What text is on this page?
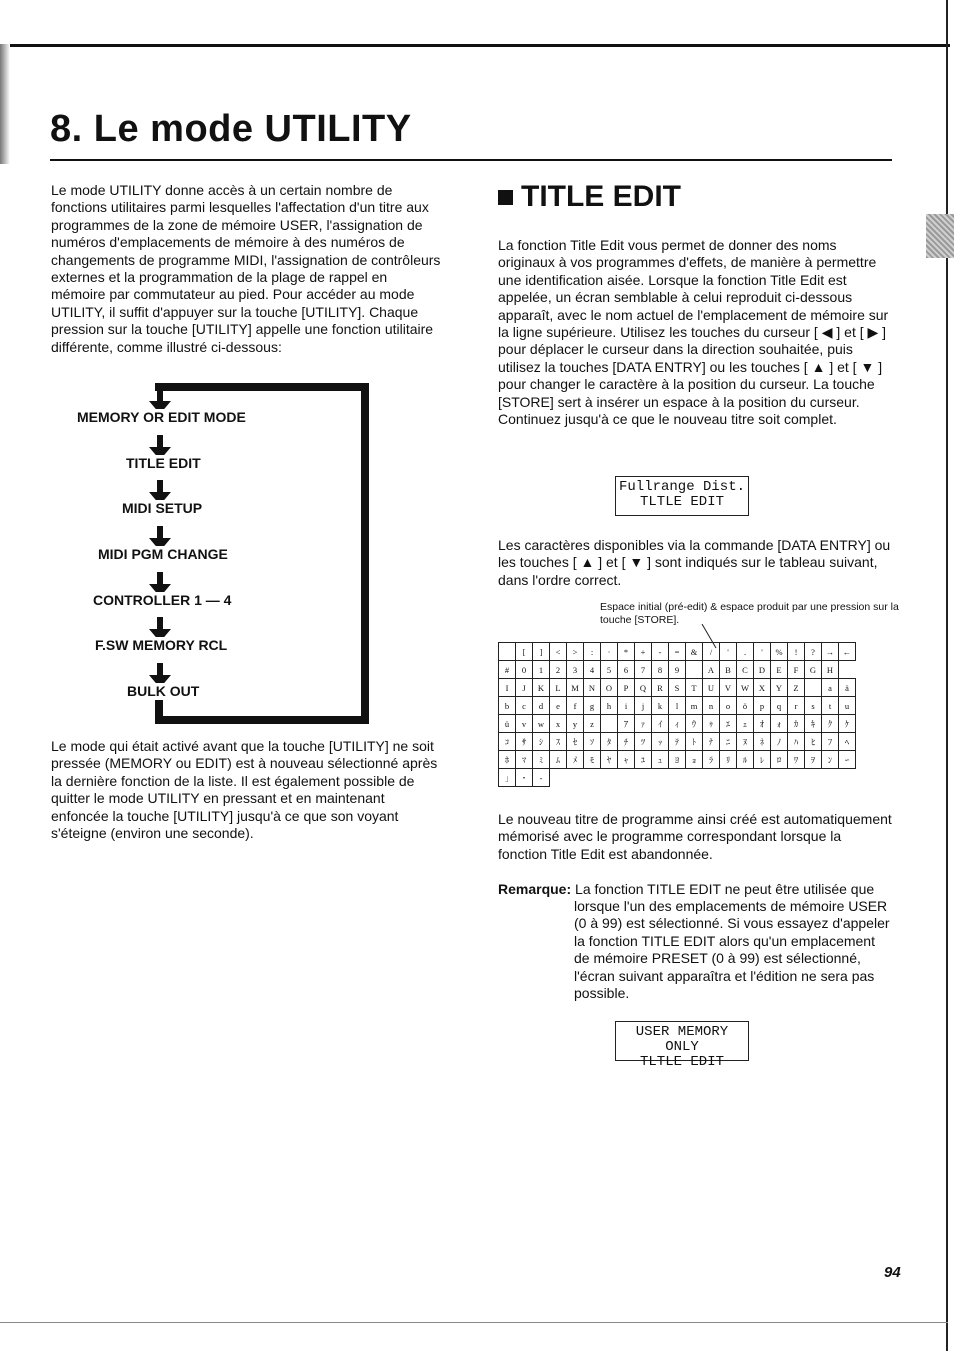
8. Le mode UTILITY
Le mode UTILITY donne accès à un certain nombre de fonctions utilitaires parmi lesquelles l'affectation d'un titre aux programmes de la zone de mémoire USER, l'assignation de numéros d'emplacements de mémoire à des numéros de changements de programme MIDI, l'assignation de contrôleurs externes et la programmation de la plage de rappel en mémoire par commutateur au pied. Pour accéder au mode UTILITY, il suffit d'appuyer sur la touche [UTILITY]. Chaque pression sur la touche [UTILITY] appelle une fonction utilitaire différente, comme illustré ci-dessous:
MEMORY OR EDIT MODE
TITLE EDIT
MIDI SETUP
MIDI PGM CHANGE
CONTROLLER 1 — 4
F.SW MEMORY RCL
BULK OUT
Le mode qui était activé avant que la touche [UTILITY] ne soit pressée (MEMORY ou EDIT) est à nouveau sélectionné après la dernière fonction de la liste. Il est également possible de quitter le mode UTILITY en pressant et en maintenant enfoncée la touche [UTILITY] jusqu'à ce que son voyant s'éteigne (environ une seconde).
TITLE EDIT
La fonction Title Edit vous permet de donner des noms originaux à vos programmes d'effets, de manière à permettre une identification aisée. Lorsque la fonction Title Edit est appelée, un écran semblable à celui reproduit ci-dessous apparaît, avec le nom actuel de l'emplacement de mémoire sur la ligne supérieure. Utilisez les touches du curseur [ ◀ ] et [ ▶ ] pour déplacer le curseur dans la direction souhaitée, puis utilisez la touches [DATA ENTRY] ou les touches [ ▲ ] et [ ▼ ] pour changer le caractère à la position du curseur. La touche [STORE] sert à insérer un espace à la position du curseur. Continuez jusqu'à ce que le nouveau titre soit complet.
Fullrange Dist.
TLTLE EDIT
Les caractères disponibles via la commande [DATA ENTRY] ou les touches [ ▲ ] et [ ▼ ] sont indiqués sur le tableau suivant, dans l'ordre correct.
Espace initial (pré-edit) & espace produit par une pression sur la touche [STORE].
	[	]	<	>	:	·	*	+	-	=	&	/	'	.	'	%	!	?	→	←
#	0	1	2	3	4	5	6	7	8	9		A	B	C	D	E	F	G	H	
I	J	K	L	M	N	O	P	Q	R	S	T	U	V	W	X	Y	Z		a	ä
b	c	d	e	f	g	h	i	j	k	l	m	n	o	ö	p	q	r	s	t	u
ü	v	w	x	y	z		ｱ	ｧ	ｲ	ｨ	ｳ	ｩ	ｴ	ｪ	ｵ	ｫ	ｶ	ｷ	ｸ	ｹ
ｺ	ｻ	ｼ	ｽ	ｾ	ｿ	ﾀ	ﾁ	ﾂ	ｯ	ﾃ	ﾄ	ﾅ	ﾆ	ﾇ	ﾈ	ﾉ	ﾊ	ﾋ	ﾌ	ﾍ
ﾎ	ﾏ	ﾐ	ﾑ	ﾒ	ﾓ	ﾔ	ｬ	ﾕ	ｭ	ﾖ	ｮ	ﾗ	ﾘ	ﾙ	ﾚ	ﾛ	ﾜ	ｦ	ﾝ	ｰ
｣	･	-																		
Le nouveau titre de programme ainsi créé est automatiquement mémorisé avec le programme correspondant lorsque la fonction Title Edit est abandonnée.
Remarque: La fonction TITLE EDIT ne peut être utilisée que
lorsque l'un des emplacements de mémoire USER (0 à 99) est sélectionné. Si vous essayez d'appeler la fonction TITLE EDIT alors qu'un emplacement de mémoire PRESET (0 à 99) est sélectionné, l'écran suivant apparaîtra et l'édition ne sera pas possible.
USER MEMORY ONLY
TLTLE EDIT
94
